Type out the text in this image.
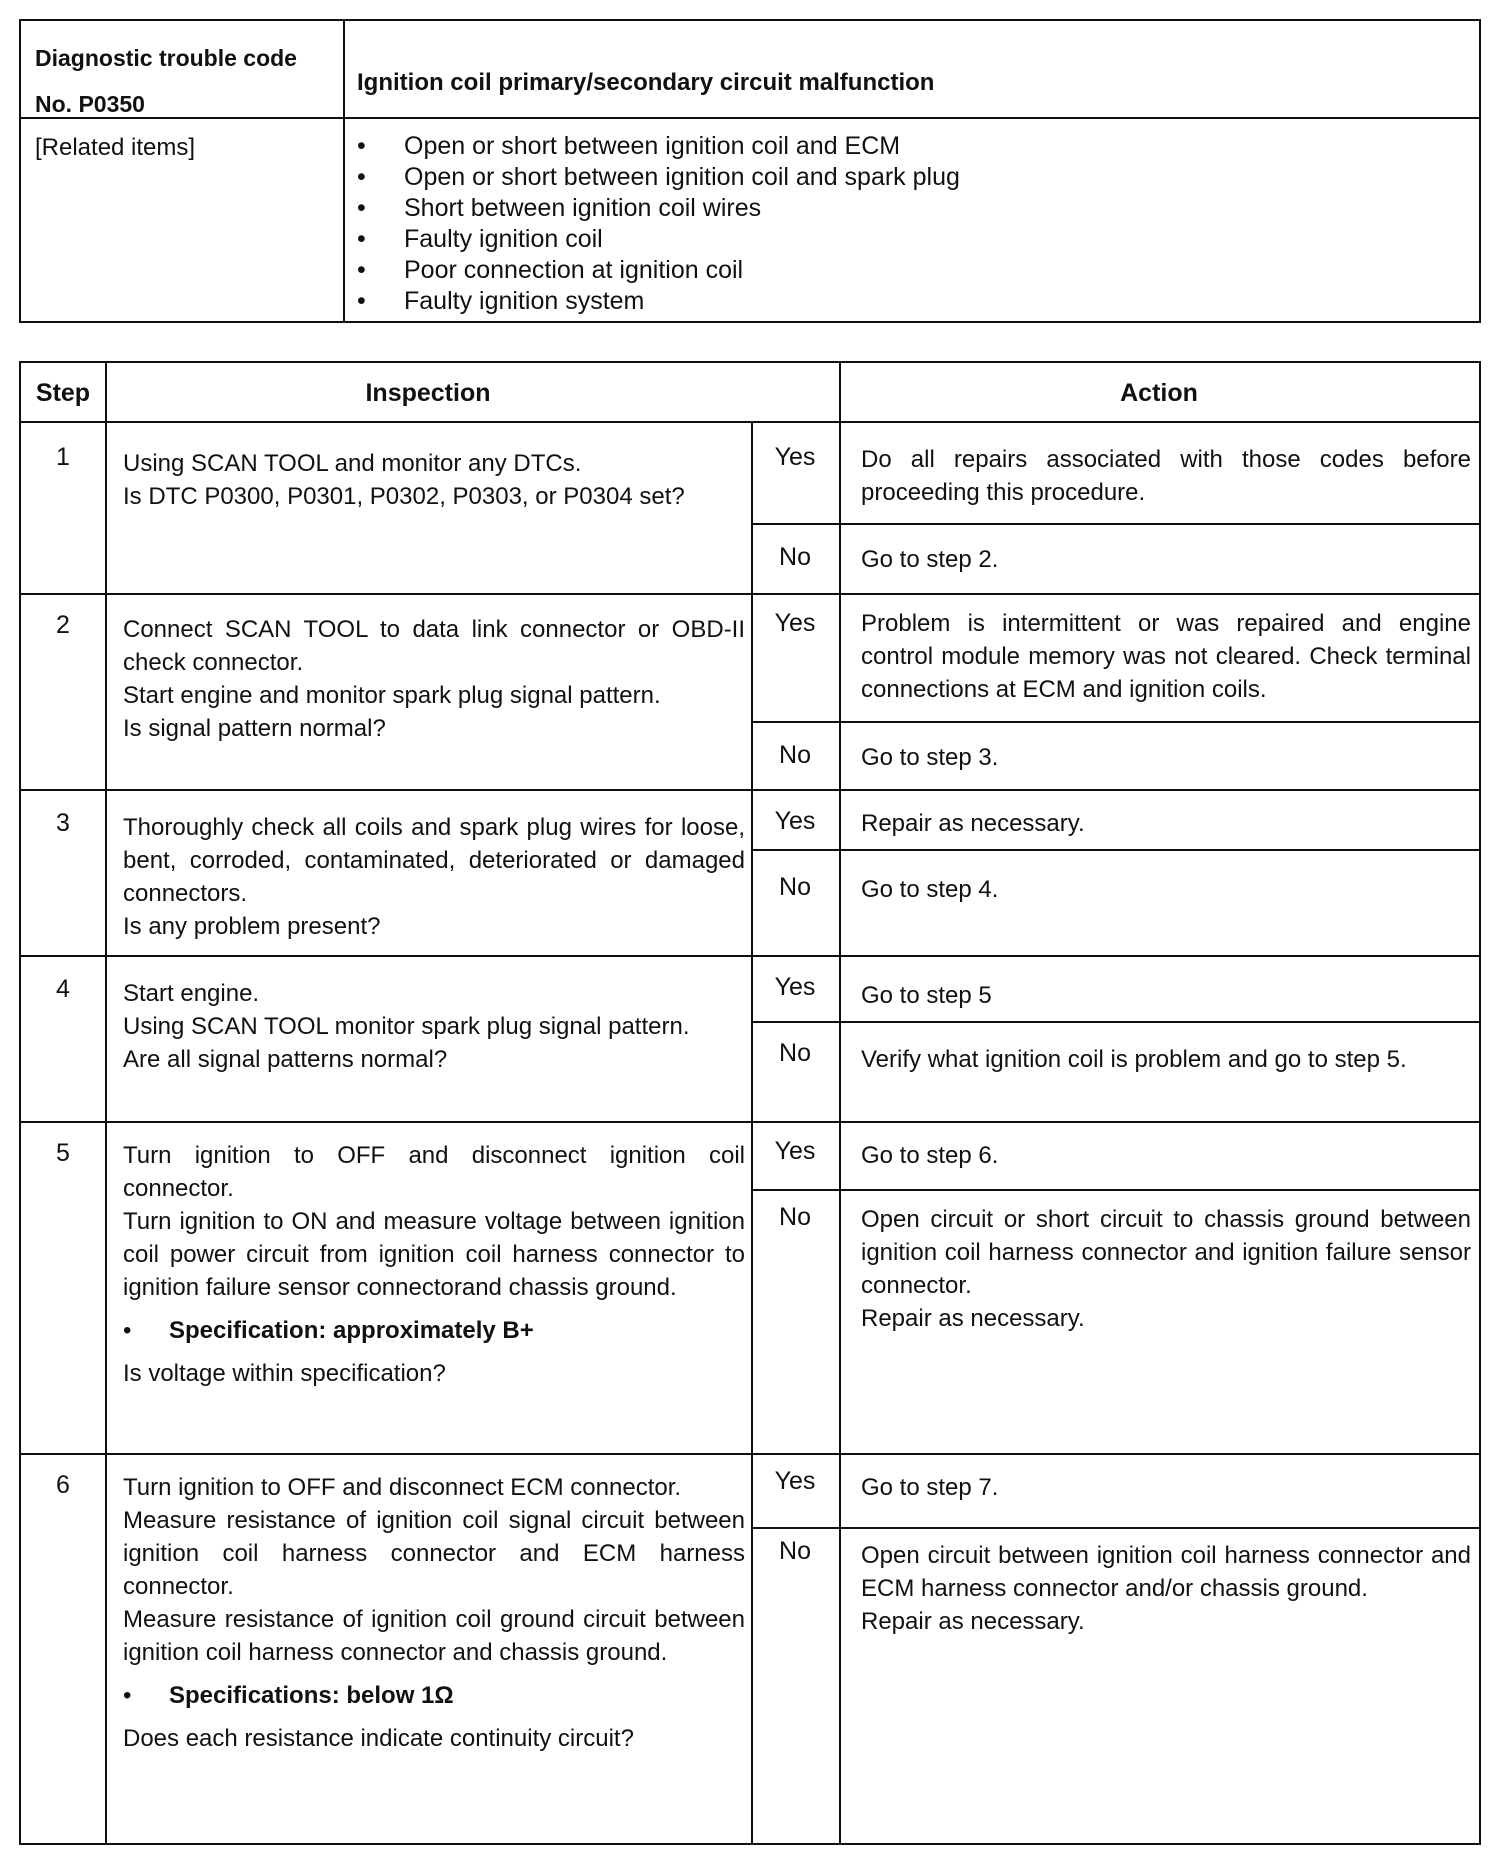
Diagnostic trouble code
No. P0350
Ignition coil primary/secondary circuit malfunction
[Related items]
•	Open or short between ignition coil and ECM
• Open or short between ignition coil and spark plug
• Short between ignition coil wires
• Faulty ignition coil
• Poor connection at ignition coil
• Faulty ignition system
Step	Inspection	Action
1	Using SCAN TOOL and monitor any DTCs.
Is DTC P0300, P0301, P0302, P0303, or P0304 set?
Yes	Do all repairs associated with those codes before proceeding this procedure.
No	Go to step 2.
2	Connect SCAN TOOL to data link connector or OBD-II check connector.
Start engine and monitor spark plug signal pattern.
Is signal pattern normal?
Yes	Problem is intermittent or was repaired and engine control module memory was not cleared. Check terminal connections at ECM and ignition coils.
No	Go to step 3.
3	Thoroughly check all coils and spark plug wires for loose, bent, corroded, contaminated, deteriorated or damaged connectors.
Is any problem present?
Yes	Repair as necessary.
No	Go to step 4.
4	Start engine.
Using SCAN TOOL monitor spark plug signal pattern.
Are all signal patterns normal?
Yes	Go to step 5
No	Verify what ignition coil is problem and go to step 5.
5	Turn ignition to OFF and disconnect ignition coil connector.
Turn ignition to ON and measure voltage between ignition coil power circuit from ignition coil harness connector to ignition failure sensor connectorand chassis ground.
• Specification: approximately B+
Is voltage within specification?
Yes	Go to step 6.
No	Open circuit or short circuit to chassis ground between ignition coil harness connector and ignition failure sensor connector.
Repair as necessary.
6	Turn ignition to OFF and disconnect ECM connector.
Measure resistance of ignition coil signal circuit between ignition coil harness connector and ECM harness connector.
Measure resistance of ignition coil ground circuit between ignition coil harness connector and chassis ground.
• Specifications: below 1Ω
Does each resistance indicate continuity circuit?
Yes	Go to step 7.
No	Open circuit between ignition coil harness connector and ECM harness connector and/or chassis ground.
Repair as necessary.
